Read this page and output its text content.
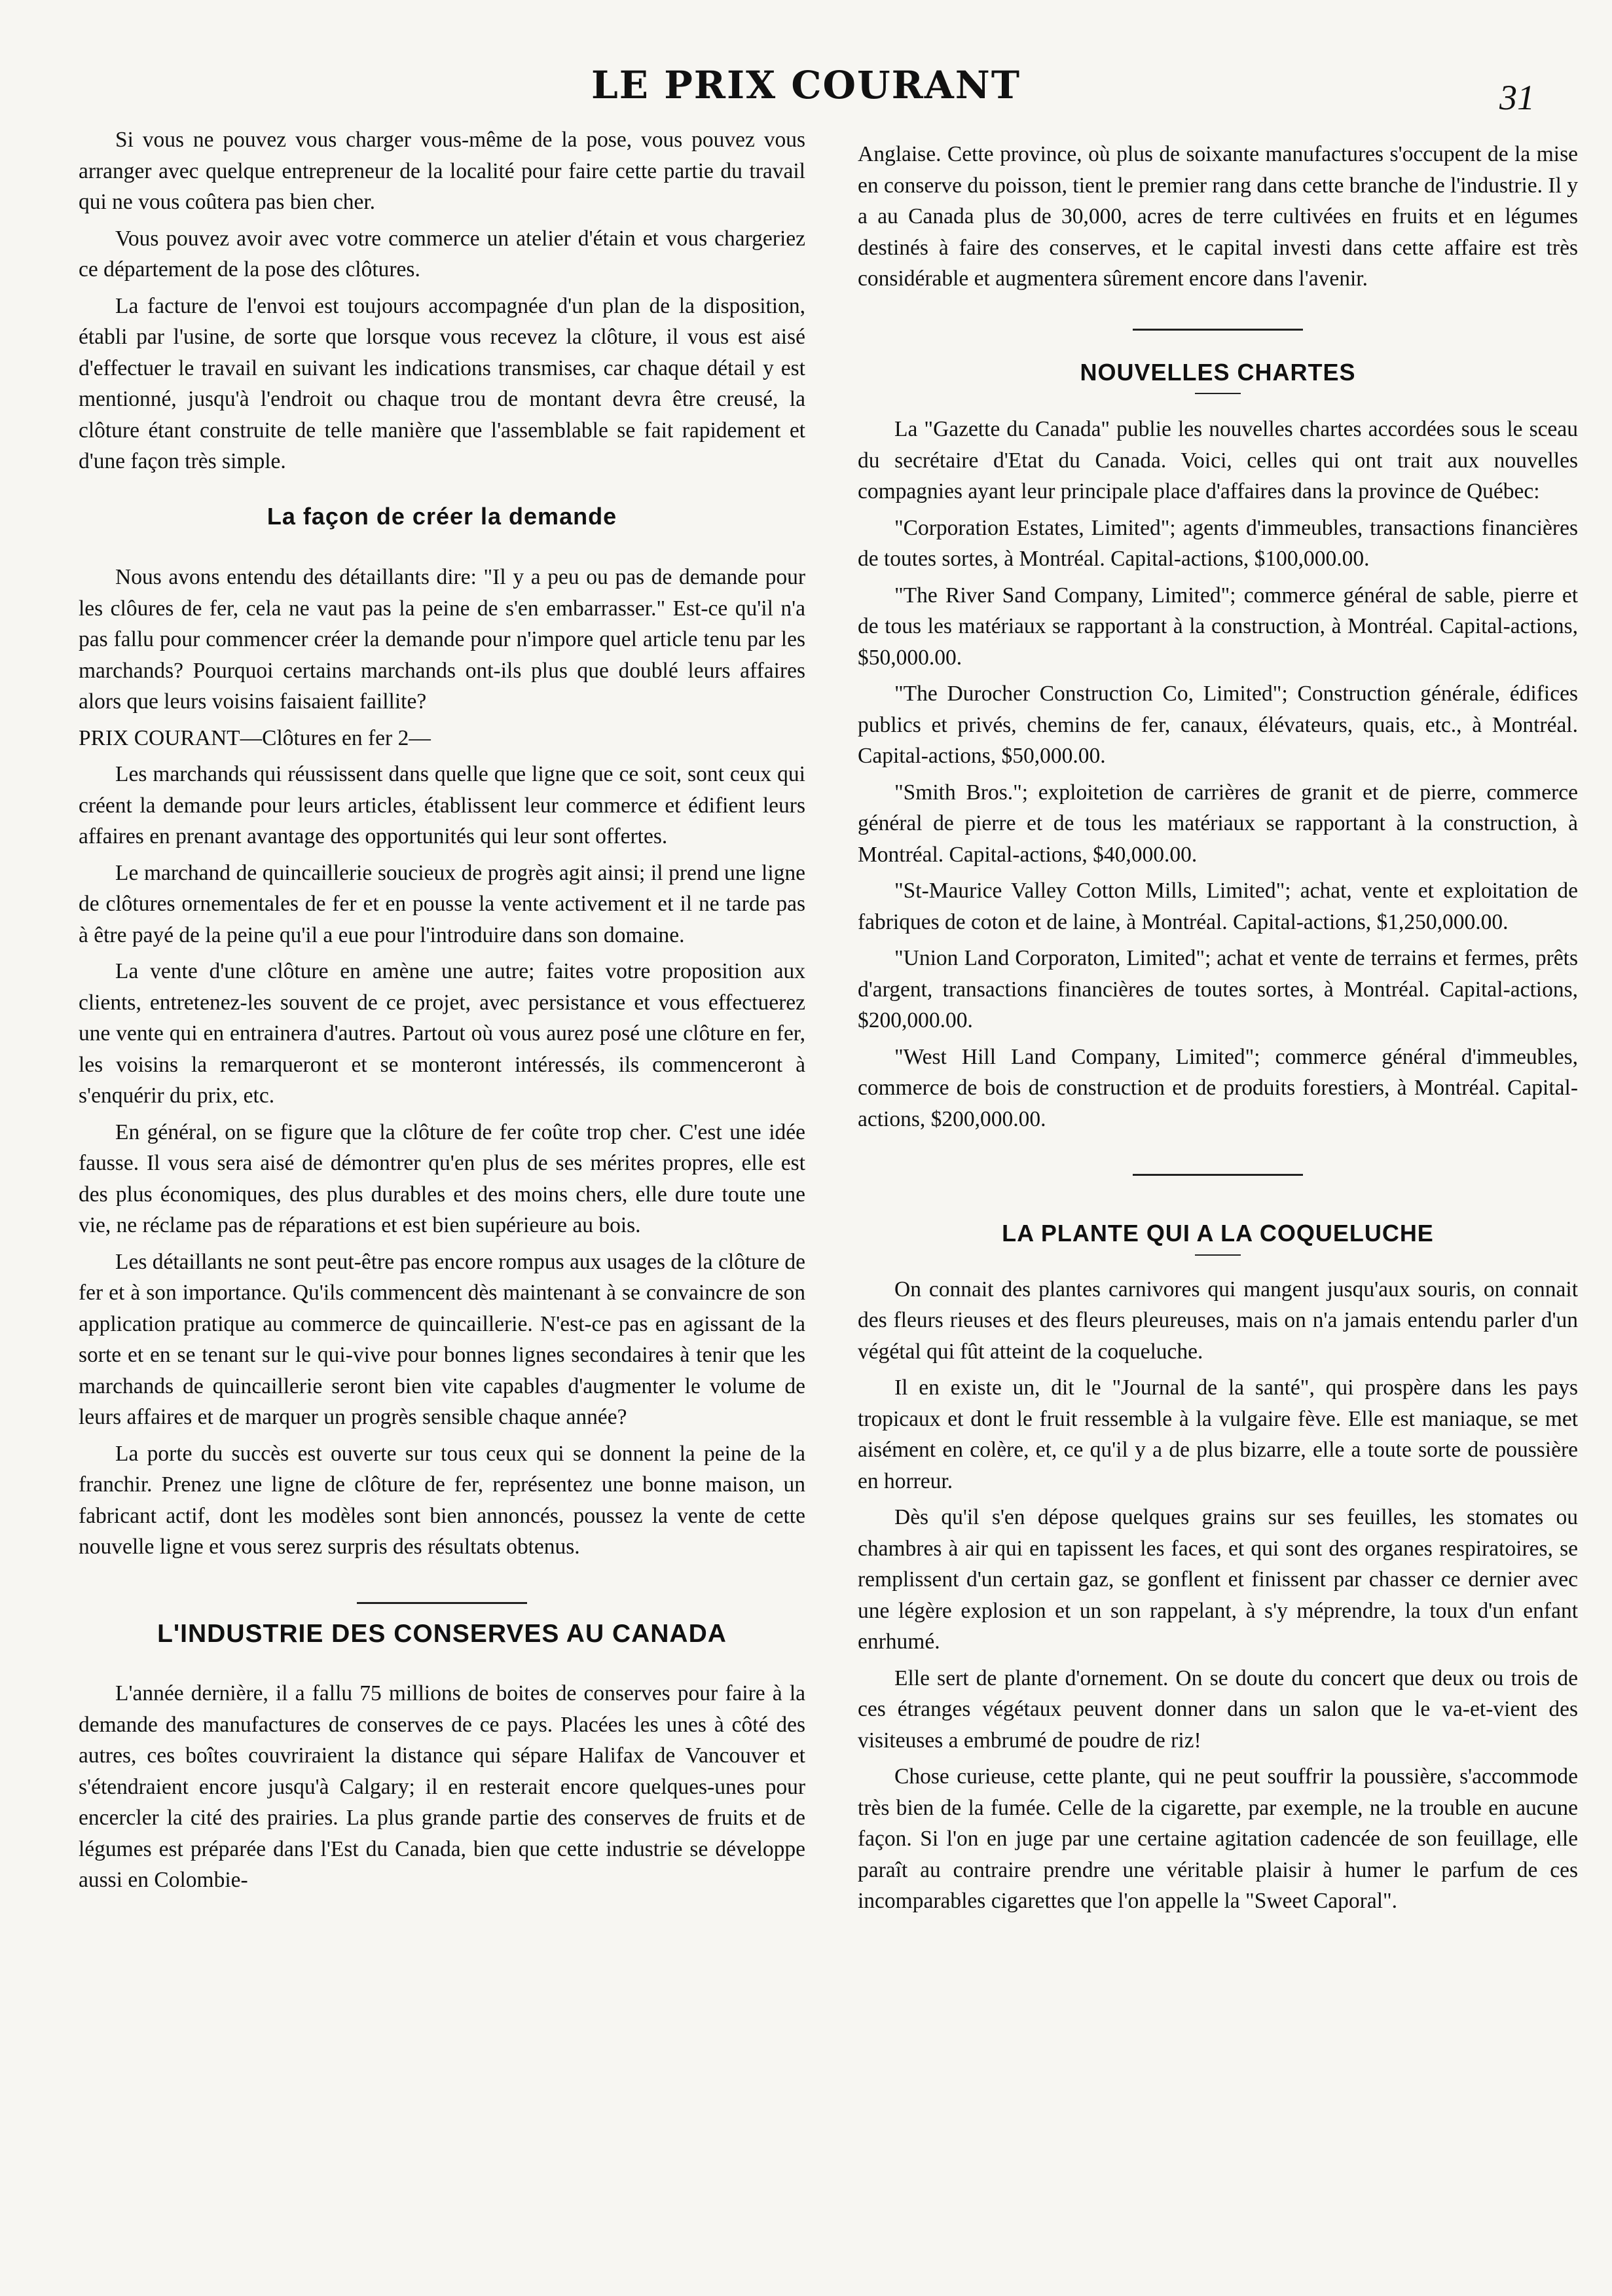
LE PRIX COURANT	31

Si vous ne pouvez vous charger vous-même de la pose, vous pouvez vous arranger avec quelque entrepreneur de la localité pour faire cette partie du travail qui ne vous coûtera pas bien cher.

Vous pouvez avoir avec votre commerce un atelier d'étain et vous chargeriez ce département de la pose des clôtures.

La facture de l'envoi est toujours accompagnée d'un plan de la disposition, établi par l'usine, de sorte que lorsque vous recevez la clôture, il vous est aisé d'effectuer le travail en suivant les indications transmises, car chaque détail y est mentionné, jusqu'à l'endroit ou chaque trou de montant devra être creusé, la clôture étant construite de telle manière que l'assemblable se fait rapidement et d'une façon très simple.

La façon de créer la demande

Nous avons entendu des détaillants dire: "Il y a peu ou pas de demande pour les clôures de fer, cela ne vaut pas la peine de s'en embarrasser." Est-ce qu'il n'a pas fallu pour commencer créer la demande pour n'impore quel article tenu par les marchands? Pourquoi certains marchands ont-ils plus que doublé leurs affaires alors que leurs voisins faisaient faillite?

PRIX COURANT—Clôtures en fer 2—

Les marchands qui réussissent dans quelle que ligne que ce soit, sont ceux qui créent la demande pour leurs articles, établissent leur commerce et édifient leurs affaires en prenant avantage des opportunités qui leur sont offertes.

Le marchand de quincaillerie soucieux de progrès agit ainsi; il prend une ligne de clôtures ornementales de fer et en pousse la vente activement et il ne tarde pas à être payé de la peine qu'il a eue pour l'introduire dans son domaine.

La vente d'une clôture en amène une autre; faites votre proposition aux clients, entretenez-les souvent de ce projet, avec persistance et vous effectuerez une vente qui en entrainera d'autres. Partout où vous aurez posé une clôture en fer, les voisins la remarqueront et se monteront intéressés, ils commenceront à s'enquérir du prix, etc.

En général, on se figure que la clôture de fer coûte trop cher. C'est une idée fausse. Il vous sera aisé de démontrer qu'en plus de ses mérites propres, elle est des plus économiques, des plus durables et des moins chers, elle dure toute une vie, ne réclame pas de réparations et est bien supérieure au bois.

Les détaillants ne sont peut-être pas encore rompus aux usages de la clôture de fer et à son importance. Qu'ils commencent dès maintenant à se convaincre de son application pratique au commerce de quincaillerie. N'est-ce pas en agissant de la sorte et en se tenant sur le qui-vive pour bonnes lignes secondaires à tenir que les marchands de quincaillerie seront bien vite capables d'augmenter le volume de leurs affaires et de marquer un progrès sensible chaque année?

La porte du succès est ouverte sur tous ceux qui se donnent la peine de la franchir. Prenez une ligne de clôture de fer, représentez une bonne maison, un fabricant actif, dont les modèles sont bien annoncés, poussez la vente de cette nouvelle ligne et vous serez surpris des résultats obtenus.

L'INDUSTRIE DES CONSERVES AU CANADA

L'année dernière, il a fallu 75 millions de boites de conserves pour faire à la demande des manufactures de conserves de ce pays. Placées les unes à côté des autres, ces boîtes couvriraient la distance qui sépare Halifax de Vancouver et s'étendraient encore jusqu'à Calgary; il en resterait encore quelques-unes pour encercler la cité des prairies. La plus grande partie des conserves de fruits et de légumes est préparée dans l'Est du Canada, bien que cette industrie se développe aussi en Colombie-

Anglaise. Cette province, où plus de soixante manufactures s'occupent de la mise en conserve du poisson, tient le premier rang dans cette branche de l'industrie. Il y a au Canada plus de 30,000, acres de terre cultivées en fruits et en légumes destinés à faire des conserves, et le capital investi dans cette affaire est très considérable et augmentera sûrement encore dans l'avenir.

NOUVELLES CHARTES

La "Gazette du Canada" publie les nouvelles chartes accordées sous le sceau du secrétaire d'Etat du Canada. Voici, celles qui ont trait aux nouvelles compagnies ayant leur principale place d'affaires dans la province de Québec:

"Corporation Estates, Limited"; agents d'immeubles, transactions financières de toutes sortes, à Montréal. Capital-actions, $100,000.00.

"The River Sand Company, Limited"; commerce général de sable, pierre et de tous les matériaux se rapportant à la construction, à Montréal. Capital-actions, $50,000.00.

"The Durocher Construction Co, Limited"; Construction générale, édifices publics et privés, chemins de fer, canaux, élévateurs, quais, etc., à Montréal. Capital-actions, $50,000.00.

"Smith Bros."; exploitetion de carrières de granit et de pierre, commerce général de pierre et de tous les matériaux se rapportant à la construction, à Montréal. Capital-actions, $40,000.00.

"St-Maurice Valley Cotton Mills, Limited"; achat, vente et exploitation de fabriques de coton et de laine, à Montréal. Capital-actions, $1,250,000.00.

"Union Land Corporaton, Limited"; achat et vente de terrains et fermes, prêts d'argent, transactions financières de toutes sortes, à Montréal. Capital-actions, $200,000.00.

"West Hill Land Company, Limited"; commerce général d'immeubles, commerce de bois de construction et de produits forestiers, à Montréal. Capital-actions, $200,000.00.

LA PLANTE QUI A LA COQUELUCHE

On connait des plantes carnivores qui mangent jusqu'aux souris, on connait des fleurs rieuses et des fleurs pleureuses, mais on n'a jamais entendu parler d'un végétal qui fût atteint de la coqueluche.

Il en existe un, dit le "Journal de la santé", qui prospère dans les pays tropicaux et dont le fruit ressemble à la vulgaire fève. Elle est maniaque, se met aisément en colère, et, ce qu'il y a de plus bizarre, elle a toute sorte de poussière en horreur.

Dès qu'il s'en dépose quelques grains sur ses feuilles, les stomates ou chambres à air qui en tapissent les faces, et qui sont des organes respiratoires, se remplissent d'un certain gaz, se gonflent et finissent par chasser ce dernier avec une légère explosion et un son rappelant, à s'y méprendre, la toux d'un enfant enrhumé.

Elle sert de plante d'ornement. On se doute du concert que deux ou trois de ces étranges végétaux peuvent donner dans un salon que le va-et-vient des visiteuses a embrumé de poudre de riz!

Chose curieuse, cette plante, qui ne peut souffrir la poussière, s'accommode très bien de la fumée. Celle de la cigarette, par exemple, ne la trouble en aucune façon. Si l'on en juge par une certaine agitation cadencée de son feuillage, elle paraît au contraire prendre une véritable plaisir à humer le parfum de ces incomparables cigarettes que l'on appelle la "Sweet Caporal".
